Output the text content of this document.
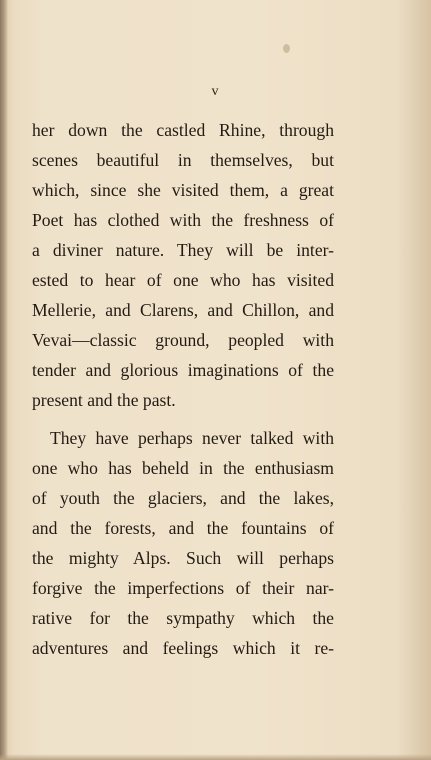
v
her down the castled Rhine, through
scenes beautiful in themselves, but
which, since she visited them, a great
Poet has clothed with the freshness of
a diviner nature. They will be inter-
ested to hear of one who has visited
Mellerie, and Clarens, and Chillon, and
Vevai—classic ground, peopled with
tender and glorious imaginations of the
present and the past.
They have perhaps never talked with
one who has beheld in the enthusiasm
of youth the glaciers, and the lakes,
and the forests, and the fountains of
the mighty Alps. Such will perhaps
forgive the imperfections of their nar-
rative for the sympathy which the
adventures and feelings which it re-
